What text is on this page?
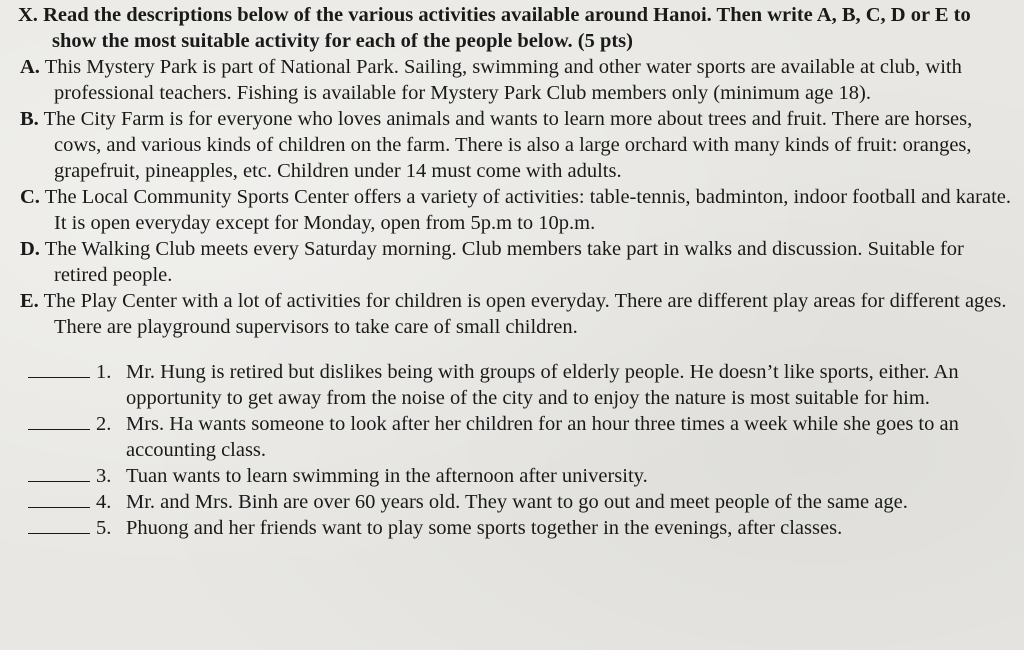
X. Read the descriptions below of the various activities available around Hanoi. Then write A, B, C, D or E to show the most suitable activity for each of the people below. (5 pts)

A. This Mystery Park is part of National Park. Sailing, swimming and other water sports are available at club, with professional teachers. Fishing is available for Mystery Park Club members only (minimum age 18).

B. The City Farm is for everyone who loves animals and wants to learn more about trees and fruit. There are horses, cows, and various kinds of children on the farm. There is also a large orchard with many kinds of fruit: oranges, grapefruit, pineapples, etc. Children under 14 must come with adults.

C. The Local Community Sports Center offers a variety of activities: table-tennis, badminton, indoor football and karate. It is open everyday except for Monday, open from 5p.m to 10p.m.

D. The Walking Club meets every Saturday morning. Club members take part in walks and discussion. Suitable for retired people.

E. The Play Center with a lot of activities for children is open everyday. There are different play areas for different ages. There are playground supervisors to take care of small children.

1. Mr. Hung is retired but dislikes being with groups of elderly people. He doesn’t like sports, either. An opportunity to get away from the noise of the city and to enjoy the nature is most suitable for him.

2. Mrs. Ha wants someone to look after her children for an hour three times a week while she goes to an accounting class.

3. Tuan wants to learn swimming in the afternoon after university.

4. Mr. and Mrs. Binh are over 60 years old. They want to go out and meet people of the same age.

5. Phuong and her friends want to play some sports together in the evenings, after classes.
